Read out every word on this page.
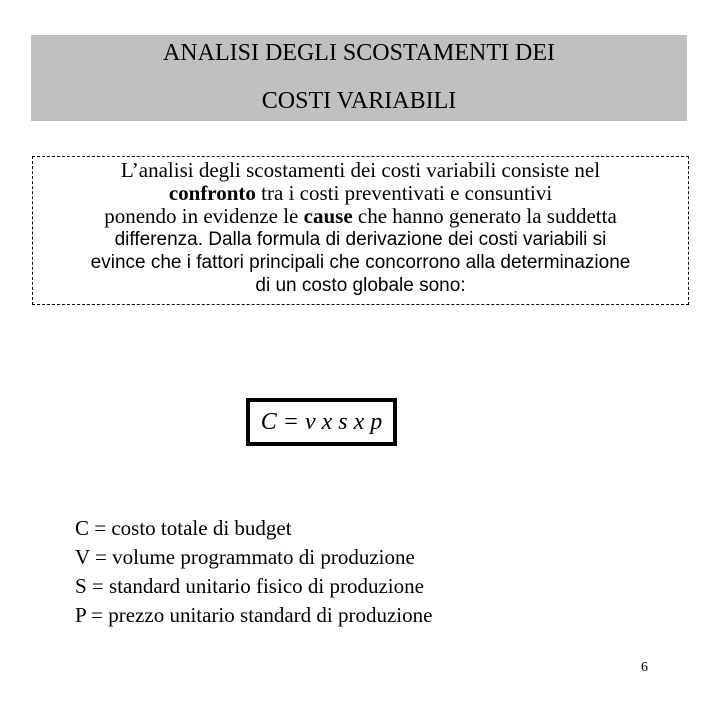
ANALISI DEGLI SCOSTAMENTI DEI
COSTI VARIABILI
L’analisi degli scostamenti dei costi variabili consiste nel
confronto tra i costi preventivati e consuntivi
ponendo in evidenze le cause che hanno generato la suddetta
differenza. Dalla formula di derivazione dei costi variabili si
evince che i fattori principali che concorrono alla determinazione
di un costo globale sono:
C = v x s x p
C = costo totale di budget
V = volume programmato di produzione
S = standard unitario fisico di produzione
P = prezzo unitario standard di produzione
6
